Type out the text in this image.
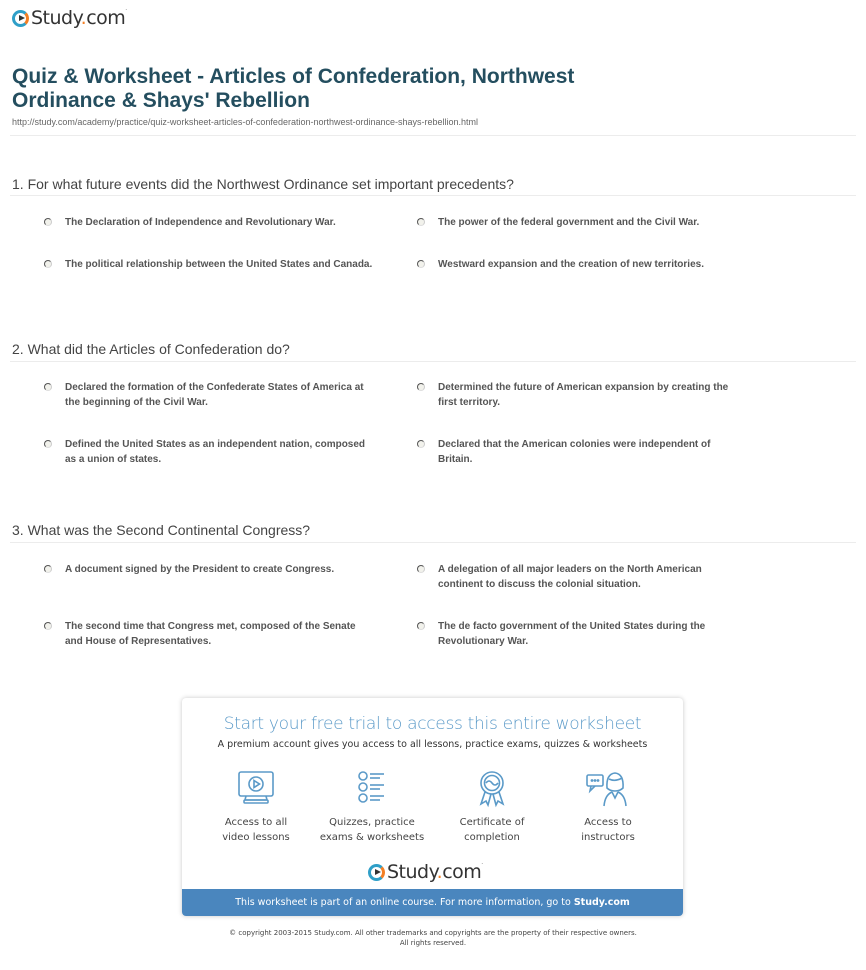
Study.com·
Quiz & Worksheet - Articles of Confederation, Northwest Ordinance & Shays' Rebellion
http://study.com/academy/practice/quiz-worksheet-articles-of-confederation-northwest-ordinance-shays-rebellion.html
1. For what future events did the Northwest Ordinance set important precedents?
The Declaration of Independence and Revolutionary War.	The power of the federal government and the Civil War.
The political relationship between the United States and Canada.	Westward expansion and the creation of new territories.
2. What did the Articles of Confederation do?
Declared the formation of the Confederate States of America at the beginning of the Civil War.
Determined the future of American expansion by creating the first territory.
Defined the United States as an independent nation, composed as a union of states.
Declared that the American colonies were independent of Britain.
3. What was the Second Continental Congress?
A document signed by the President to create Congress.	A delegation of all major leaders on the North American continent to discuss the colonial situation.
The second time that Congress met, composed of the Senate and House of Representatives.
The de facto government of the United States during the Revolutionary War.
Start your free trial to access this entire worksheet
A premium account gives you access to all lessons, practice exams, quizzes & worksheets
Access to all
video lessons
Quizzes, practice
exams & worksheets
Certificate of
completion
Access to
instructors
Study.com·
This worksheet is part of an online course. For more information, go to Study.com
© copyright 2003-2015 Study.com. All other trademarks and copyrights are the property of their respective owners.
All rights reserved.
